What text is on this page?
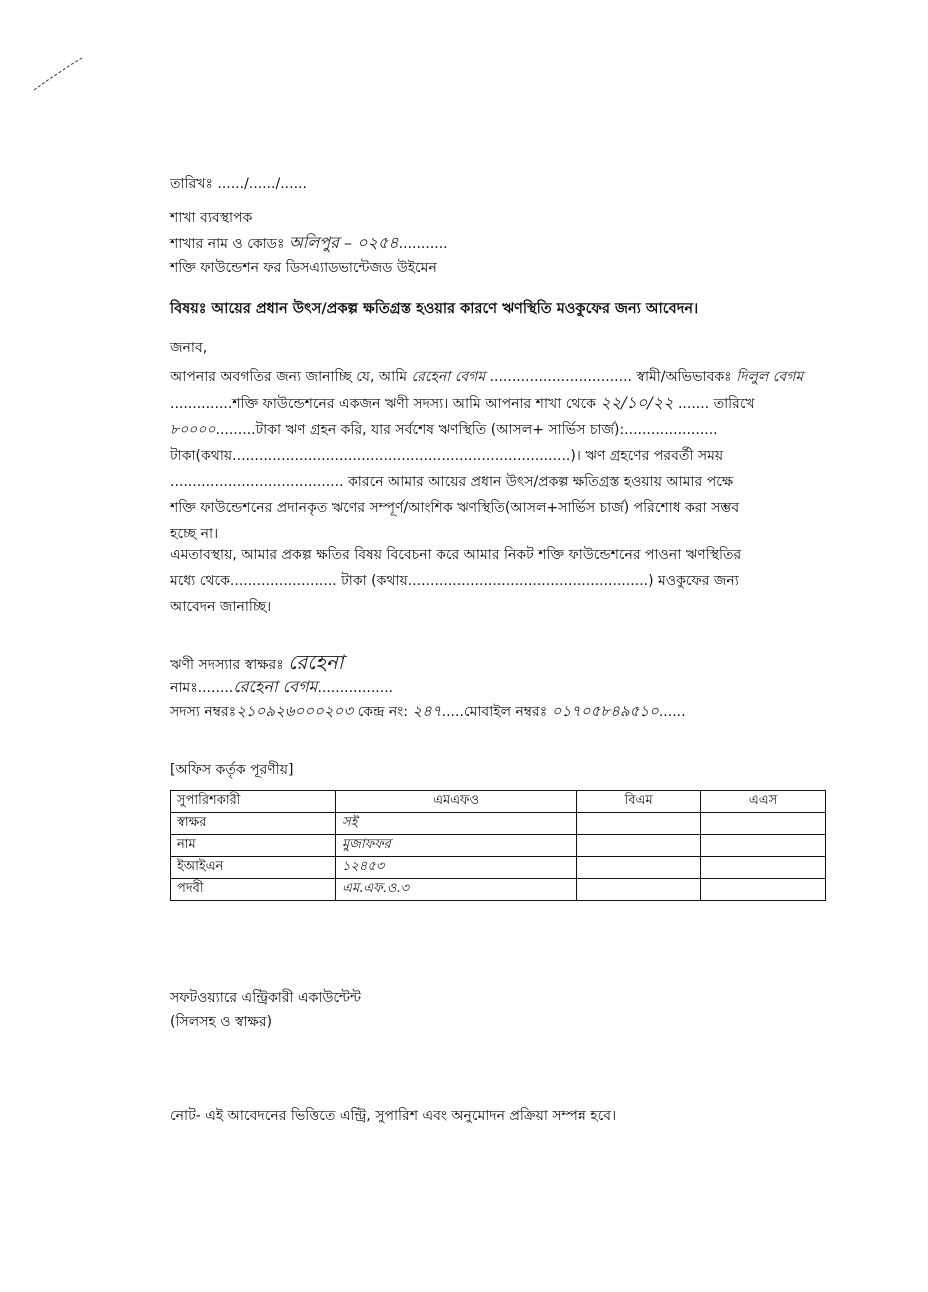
তারিখঃ ....../....../......
শাখা ব্যবস্থাপক
শাখার নাম ও কোডঃ অলিপুর – ০২৫৪...........
শক্তি ফাউন্ডেশন ফর ডিসএ্যাডভান্টেজড উইমেন
বিষয়ঃ আয়ের প্রধান উৎস/প্রকল্প ক্ষতিগ্রস্ত হওয়ার কারণে ঋণস্থিতি মওকুফের জন্য আবেদন।
জনাব,
আপনার অবগতির জন্য জানাচ্ছি যে, আমি রেহেনা বেগম ................................ স্বামী/অভিভাবকঃ দিলুল বেগম
..............শক্তি ফাউন্ডেশনের একজন ঋণী সদস্য। আমি আপনার শাখা থেকে ২২/১০/২২ ....... তারিখে
৮০০০০.........টাকা ঋণ গ্রহন করি, যার সর্বশেষ ঋণস্থিতি (আসল+ সার্ভিস চার্জ):.....................
টাকা(কথায়............................................................................)। ঋণ গ্রহণের পরবর্তী সময়
....................................... কারনে আমার আয়ের প্রধান উৎস/প্রকল্প ক্ষতিগ্রস্ত হওয়ায় আমার পক্ষে
শক্তি ফাউন্ডেশনের প্রদানকৃত ঋণের সম্পূর্ণ/আংশিক ঋণস্থিতি(আসল+সার্ভিস চার্জ) পরিশোধ করা সম্ভব
হচ্ছে না।
এমতাবস্থায়, আমার প্রকল্প ক্ষতির বিষয় বিবেচনা করে আমার নিকট শক্তি ফাউন্ডেশনের পাওনা ঋণস্থিতির
মধ্যে থেকে........................ টাকা (কথায়......................................................) মওকুফের জন্য
আবেদন জানাচ্ছি।
ঋণী সদস্যার স্বাক্ষরঃ রেহেনা
নামঃ........রেহেনা বেগম.................
সদস্য নম্বরঃ২১০৯২৬০০০২০৩ কেন্দ্র নং: ২৪৭.....মোবাইল নম্বরঃ ০১৭০৫৮৪৯৫১০......
[অফিস কর্তৃক পূরণীয়]
সুপারিশকারী	এমএফও	বিএম	এএস
স্বাক্ষর	সই		
নাম	মুজাফফর		
ইআইএন	১২৪৫৩		
পদবী	এম.এফ.ও.৩		
সফটওয়্যারে এন্ট্রিকারী একাউন্টেন্ট
(সিলসহ ও স্বাক্ষর)
নোট- এই আবেদনের ভিত্তিতে এন্ট্রি, সুপারিশ এবং অনুমোদন প্রক্রিয়া সম্পন্ন হবে।
